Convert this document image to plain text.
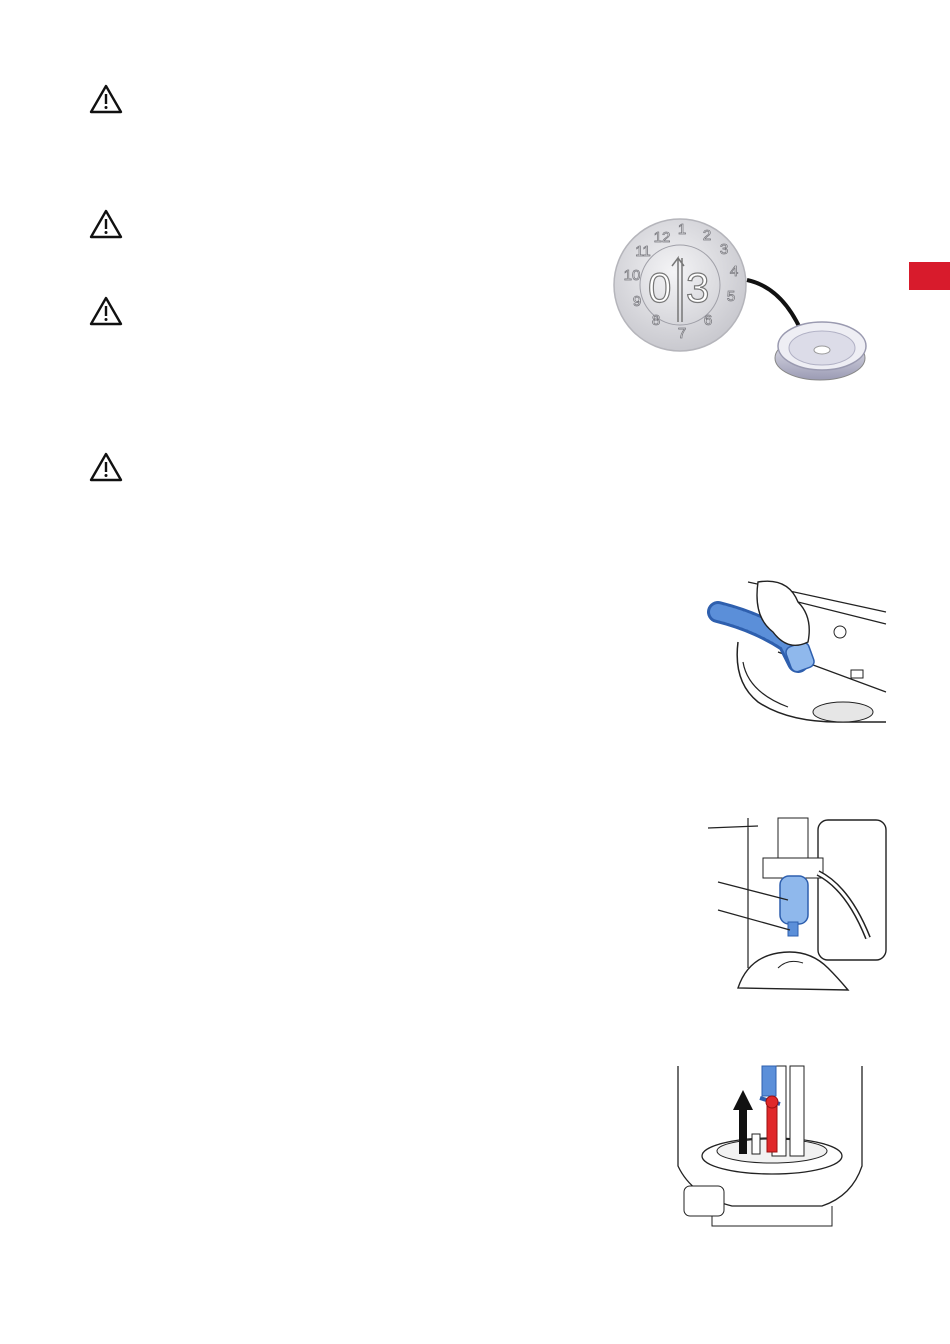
0 3
1 2
3
4
5
6
7
8
9
10
11
12
